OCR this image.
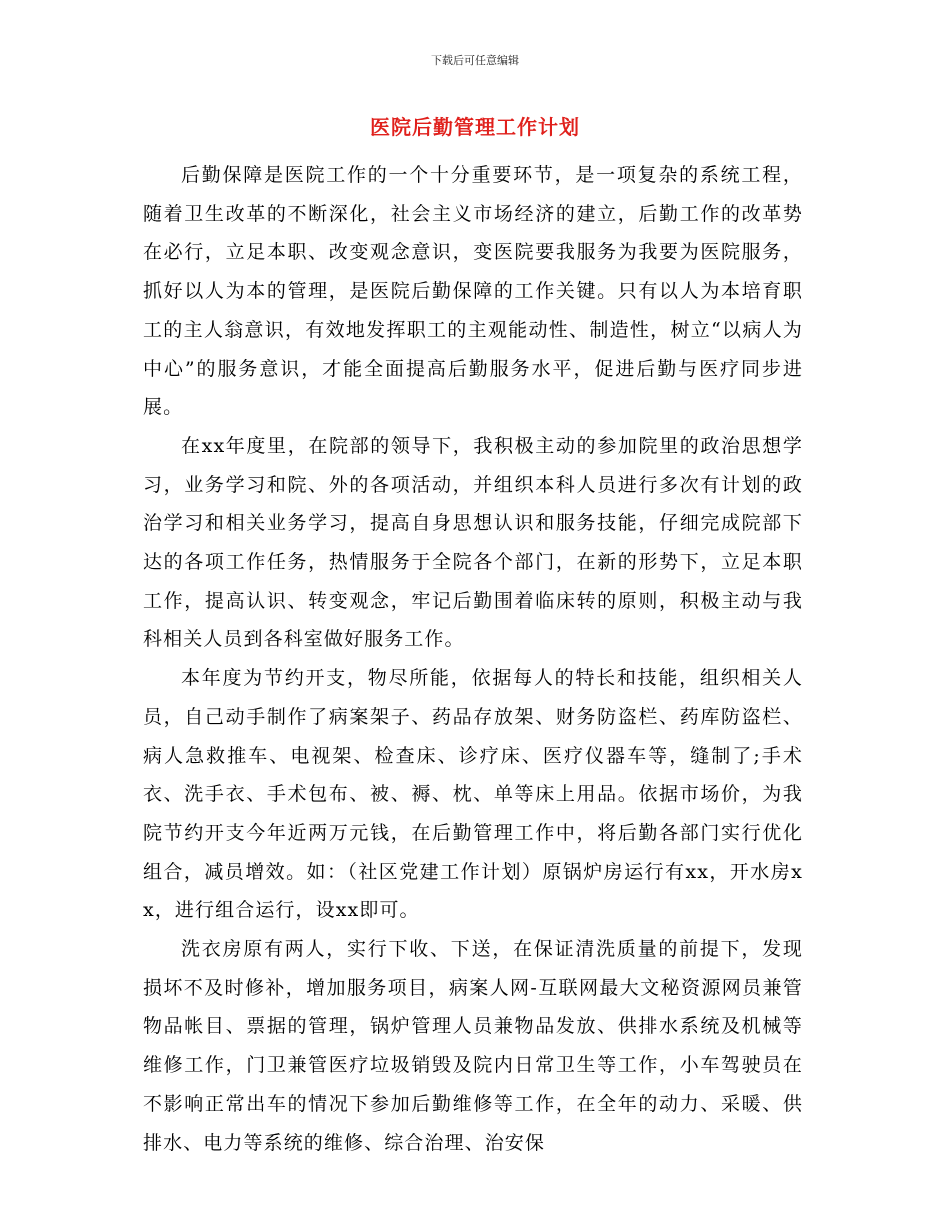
下载后可任意编辑
医院后勤管理工作计划

后勤保障是医院工作的一个十分重要环节，是一项复杂的系统工程，随着卫生改革的不断深化，社会主义市场经济的建立，后勤工作的改革势在必行，立足本职、改变观念意识，变医院要我服务为我要为医院服务，抓好以人为本的管理，是医院后勤保障的工作关键。只有以人为本培育职工的主人翁意识，有效地发挥职工的主观能动性、制造性，树立“以病人为中心”的服务意识，才能全面提高后勤服务水平，促进后勤与医疗同步进展。

在xx年度里，在院部的领导下，我积极主动的参加院里的政治思想学习，业务学习和院、外的各项活动，并组织本科人员进行多次有计划的政治学习和相关业务学习，提高自身思想认识和服务技能，仔细完成院部下达的各项工作任务，热情服务于全院各个部门，在新的形势下，立足本职工作，提高认识、转变观念，牢记后勤围着临床转的原则，积极主动与我科相关人员到各科室做好服务工作。

本年度为节约开支，物尽所能，依据每人的特长和技能，组织相关人员，自己动手制作了病案架子、药品存放架、财务防盗栏、药库防盗栏、病人急救推车、电视架、检查床、诊疗床、医疗仪器车等，缝制了;手术衣、洗手衣、手术包布、被、褥、枕、单等床上用品。依据市场价，为我院节约开支今年近两万元钱，在后勤管理工作中，将后勤各部门实行优化组合，减员增效。如：（社区党建工作计划）原锅炉房运行有xx，开水房xx，进行组合运行，设xx即可。

洗衣房原有两人，实行下收、下送，在保证清洗质量的前提下，发现损坏不及时修补，增加服务项目，病案人网-互联网最大文秘资源网员兼管物品帐目、票据的管理，锅炉管理人员兼物品发放、供排水系统及机械等维修工作，门卫兼管医疗垃圾销毁及院内日常卫生等工作，小车驾驶员在不影响正常出车的情况下参加后勤维修等工作，在全年的动力、采暖、供排水、电力等系统的维修、综合治理、治安保
